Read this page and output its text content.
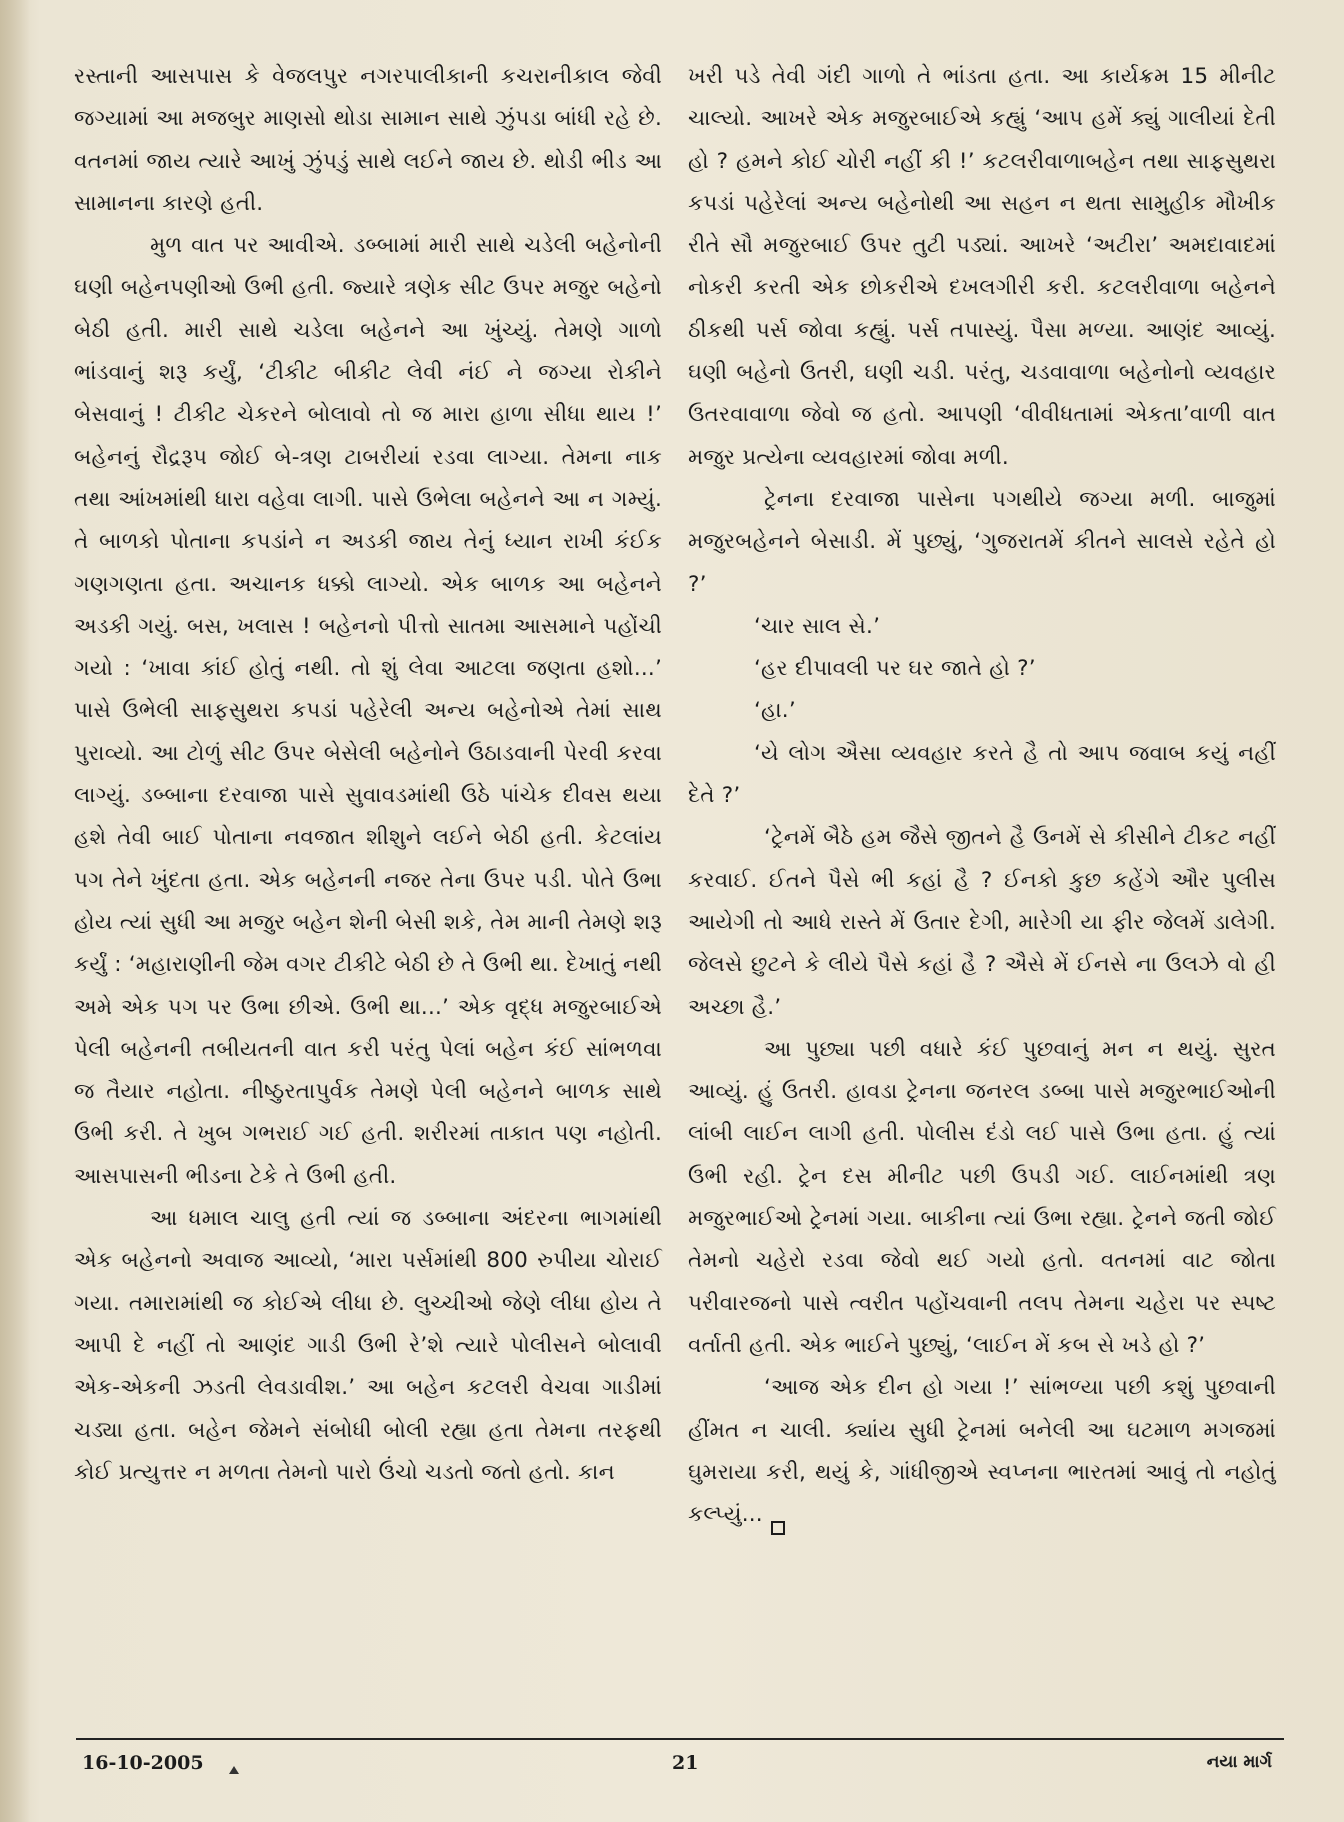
રસ્તાની આસપાસ કે વેજલપુર નગરપાલીકાની કચરાનીકાલ જેવી જગ્યામાં આ મજબુર માણસો થોડા સામાન સાથે ઝુંપડા બાંધી રહે છે. વતનમાં જાય ત્યારે આખું ઝુંપડું સાથે લઈને જાય છે. થોડી ભીડ આ સામાનના કારણે હતી.

મુળ વાત પર આવીએ. ડબ્બામાં મારી સાથે ચડેલી બહેનોની ઘણી બહેનપણીઓ ઉભી હતી. જ્યારે ત્રણેક સીટ ઉપર મજુર બહેનો બેઠી હતી. મારી સાથે ચડેલા બહેનને આ ખુંચ્યું. તેમણે ગાળો ભાંડવાનું શરૂ કર્યું, ‘ટીકીટ બીકીટ લેવી નંઈ ને જગ્યા રોકીને બેસવાનું ! ટીકીટ ચેકરને બોલાવો તો જ મારા હાળા સીધા થાય !’ બહેનનું રૌદ્રરૂપ જોઈ બે-ત્રણ ટાબરીયાં રડવા લાગ્યા. તેમના નાક તથા આંખમાંથી ધારા વહેવા લાગી. પાસે ઉભેલા બહેનને આ ન ગમ્યું. તે બાળકો પોતાના કપડાંને ન અડકી જાય તેનું ધ્યાન રાખી કંઈક ગણગણતા હતા. અચાનક ધક્કો લાગ્યો. એક બાળક આ બહેનને અડકી ગયું. બસ, ખલાસ ! બહેનનો પીત્તો સાતમા આસમાને પહોંચી ગયો : ‘ખાવા કાંઈ હોતું નથી. તો શું લેવા આટલા જણતા હશો...’ પાસે ઉભેલી સાફસુથરા કપડાં પહેરેલી અન્ય બહેનોએ તેમાં સાથ પુરાવ્યો. આ ટોળું સીટ ઉપર બેસેલી બહેનોને ઉઠાડવાની પેરવી કરવા લાગ્યું. ડબ્બાના દરવાજા પાસે સુવાવડમાંથી ઉઠે પાંચેક દીવસ થયા હશે તેવી બાઈ પોતાના નવજાત શીશુને લઈને બેઠી હતી. કેટલાંય પગ તેને ખુંદતા હતા. એક બહેનની નજર તેના ઉપર પડી. પોતે ઉભા હોય ત્યાં સુધી આ મજુર બહેન શેની બેસી શકે, તેમ માની તેમણે શરૂ કર્યું : ‘મહારાણીની જેમ વગર ટીકીટે બેઠી છે તે ઉભી થા. દેખાતું નથી અમે એક પગ પર ઉભા છીએ. ઉભી થા...’ એક વૃદ્ધ મજુરબાઈએ પેલી બહેનની તબીયતની વાત કરી પરંતુ પેલાં બહેન કંઈ સાંભળવા જ તૈયાર નહોતા. નીષ્ઠુરતાપુર્વક તેમણે પેલી બહેનને બાળક સાથે ઉભી કરી. તે ખુબ ગભરાઈ ગઈ હતી. શરીરમાં તાકાત પણ નહોતી. આસપાસની ભીડના ટેકે તે ઉભી હતી.

આ ધમાલ ચાલુ હતી ત્યાં જ ડબ્બાના અંદરના ભાગમાંથી એક બહેનનો અવાજ આવ્યો, ‘મારા પર્સમાંથી 800 રુપીયા ચોરાઈ ગયા. તમારામાંથી જ કોઈએ લીધા છે. લુચ્ચીઓ જેણે લીધા હોય તે આપી દે નહીં તો આણંદ ગાડી ઉભી રે’શે ત્યારે પોલીસને બોલાવી એક-એકની ઝડતી લેવડાવીશ.’ આ બહેન કટલરી વેચવા ગાડીમાં ચડ્યા હતા. બહેન જેમને સંબોધી બોલી રહ્યા હતા તેમના તરફથી કોઈ પ્રત્યુત્તર ન મળતા તેમનો પારો ઉંચો ચડતો જતો હતો. કાન

ખરી પડે તેવી ગંદી ગાળો તે ભાંડતા હતા. આ કાર્યક્રમ 15 મીનીટ ચાલ્યો. આખરે એક મજુરબાઈએ કહ્યું ‘આપ હમેં ક્યું ગાલીયાં દેતી હો ? હમને કોઈ ચોરી નહીં કી !’ કટલરીવાળાબહેન તથા સાફસુથરા કપડાં પહેરેલાં અન્ય બહેનોથી આ સહન ન થતા સામુહીક મૌખીક રીતે સૌ મજુરબાઈ ઉપર તુટી પડ્યાં. આખરે ‘અટીરા’ અમદાવાદમાં નોકરી કરતી એક છોકરીએ દખલગીરી કરી. કટલરીવાળા બહેનને ઠીકથી પર્સ જોવા કહ્યું. પર્સ તપાસ્યું. પૈસા મળ્યા. આણંદ આવ્યું. ઘણી બહેનો ઉતરી, ઘણી ચડી. પરંતુ, ચડવાવાળા બહેનોનો વ્યવહાર ઉતરવાવાળા જેવો જ હતો. આપણી ‘વીવીધતામાં એકતા’વાળી વાત મજુર પ્રત્યેના વ્યવહારમાં જોવા મળી.

ટ્રેનના દરવાજા પાસેના પગથીયે જગ્યા મળી. બાજુમાં મજુરબહેનને બેસાડી. મેં પુછ્યું, ‘ગુજરાતમેં કીતને સાલસે રહેતે હો ?’

‘ચાર સાલ સે.’

‘હર દીપાવલી પર ઘર જાતે હો ?’

‘હા.’

‘યે લોગ ઐસા વ્યવહાર કરતે હૈ તો આપ જવાબ કયું નહીં દેતે ?’

‘ટ્રેનમેં બૈઠે હમ જૈસે જીતને હૈ ઉનમેં સે કીસીને ટીકટ નહીં કરવાઈ. ઈતને પૈસે ભી કહાં હૈ ? ઈનકો કુછ કહેંગે ઔર પુલીસ આયેગી તો આધે રાસ્તે મેં ઉતાર દેગી, મારેગી યા ફીર જેલમેં ડાલેગી. જેલસે છુટને કે લીયે પૈસે કહાં હૈ ? ઐસે મેં ઈનસે ના ઉલઝે વો હી અચ્છા હૈ.’

આ પુછ્યા પછી વધારે કંઈ પુછવાનું મન ન થયું. સુરત આવ્યું. હું ઉતરી. હાવડા ટ્રેનના જનરલ ડબ્બા પાસે મજુરભાઈઓની લાંબી લાઈન લાગી હતી. પોલીસ દંડો લઈ પાસે ઉભા હતા. હું ત્યાં ઉભી રહી. ટ્રેન દસ મીનીટ પછી ઉપડી ગઈ. લાઈનમાંથી ત્રણ મજુરભાઈઓ ટ્રેનમાં ગયા. બાકીના ત્યાં ઉભા રહ્યા. ટ્રેનને જતી જોઈ તેમનો ચહેરો રડવા જેવો થઈ ગયો હતો. વતનમાં વાટ જોતા પરીવારજનો પાસે ત્વરીત પહોંચવાની તલપ તેમના ચહેરા પર સ્પષ્ટ વર્તાતી હતી. એક ભાઈને પુછ્યું, ‘લાઈન મેં કબ સે ખડે હો ?’

‘આજ એક દીન હો ગયા !’ સાંભળ્યા પછી કશું પુછવાની હીંમત ન ચાલી. ક્યાંય સુધી ટ્રેનમાં બનેલી આ ઘટમાળ મગજમાં ઘુમરાયા કરી, થયું કે, ગાંધીજીએ સ્વપ્નના ભારતમાં આવું તો નહોતું કલ્પ્યું...

16-10-2005	21	નયા માર્ગ
